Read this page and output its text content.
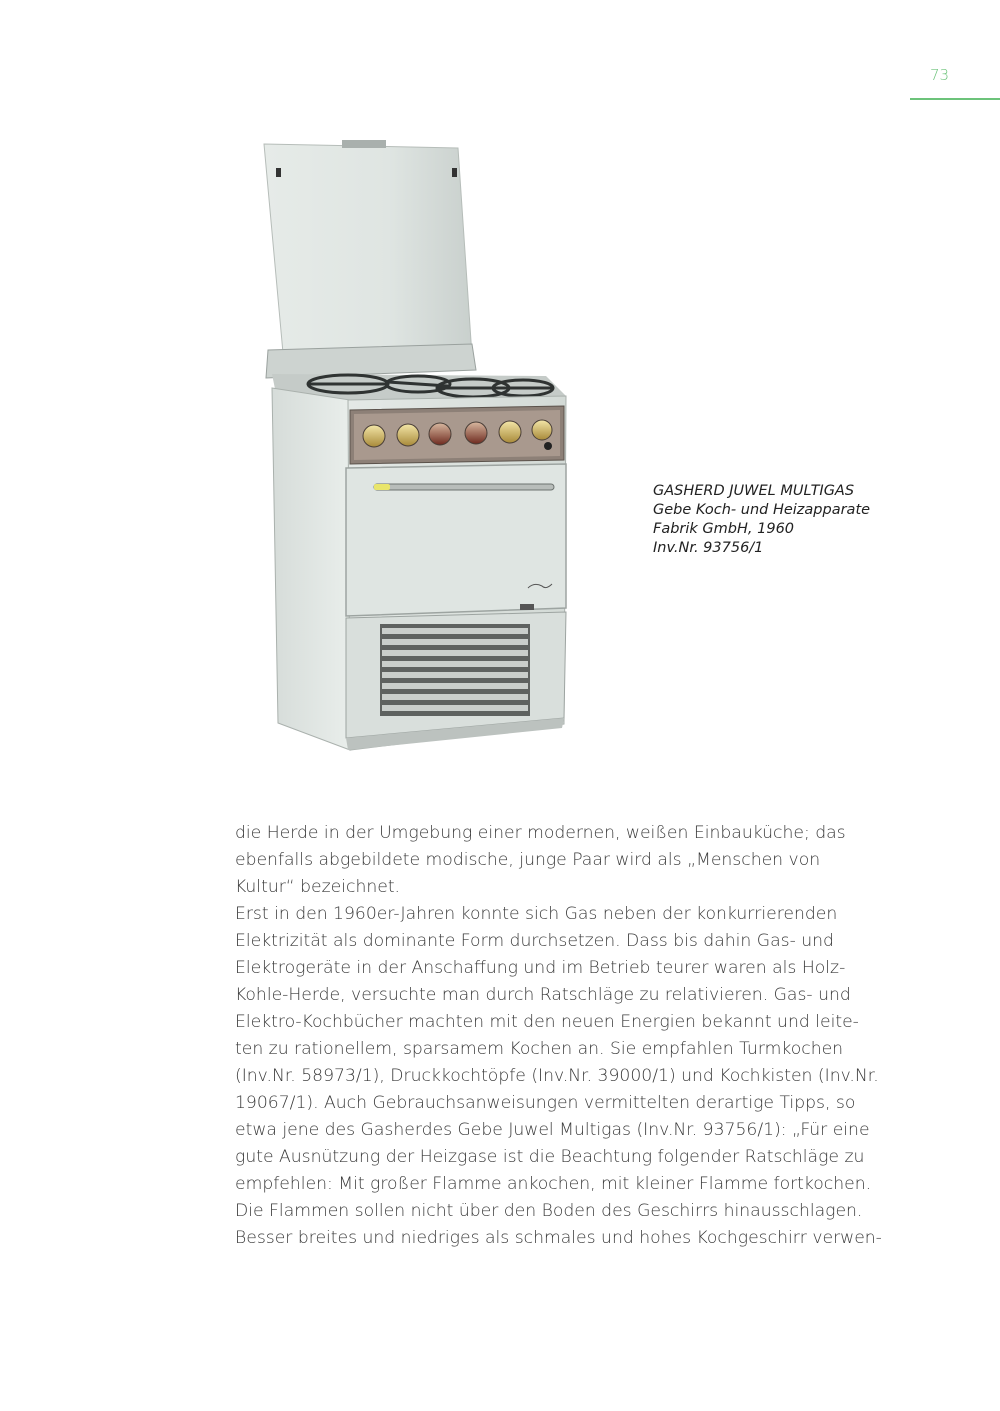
73
GASHERD JUWEL MULTIGAS
Gebe Koch- und Heizapparate
Fabrik GmbH, 1960
Inv.Nr. 93756/1
die Herde in der Umgebung einer modernen, weißen Einbauküche; das
ebenfalls abgebildete modische, junge Paar wird als „Menschen von
Kultur“ bezeichnet.
Erst in den 1960er-Jahren konnte sich Gas neben der konkurrierenden
Elektrizität als dominante Form durchsetzen. Dass bis dahin Gas- und
Elektrogeräte in der Anschaffung und im Betrieb teurer waren als Holz-
Kohle-Herde, versuchte man durch Ratschläge zu relativieren. Gas- und
Elektro-Kochbücher machten mit den neuen Energien bekannt und leite-
ten zu rationellem, sparsamem Kochen an. Sie empfahlen Turmkochen
(Inv.Nr. 58973/1), Druckkochtöpfe (Inv.Nr. 39000/1) und Kochkisten (Inv.Nr.
19067/1). Auch Gebrauchsanweisungen vermittelten derartige Tipps, so
etwa jene des Gasherdes Gebe Juwel Multigas (Inv.Nr. 93756/1): „Für eine
gute Ausnützung der Heizgase ist die Beachtung folgender Ratschläge zu
empfehlen: Mit großer Flamme ankochen, mit kleiner Flamme fortkochen.
Die Flammen sollen nicht über den Boden des Geschirrs hinausschlagen.
Besser breites und niedriges als schmales und hohes Kochgeschirr verwen-
